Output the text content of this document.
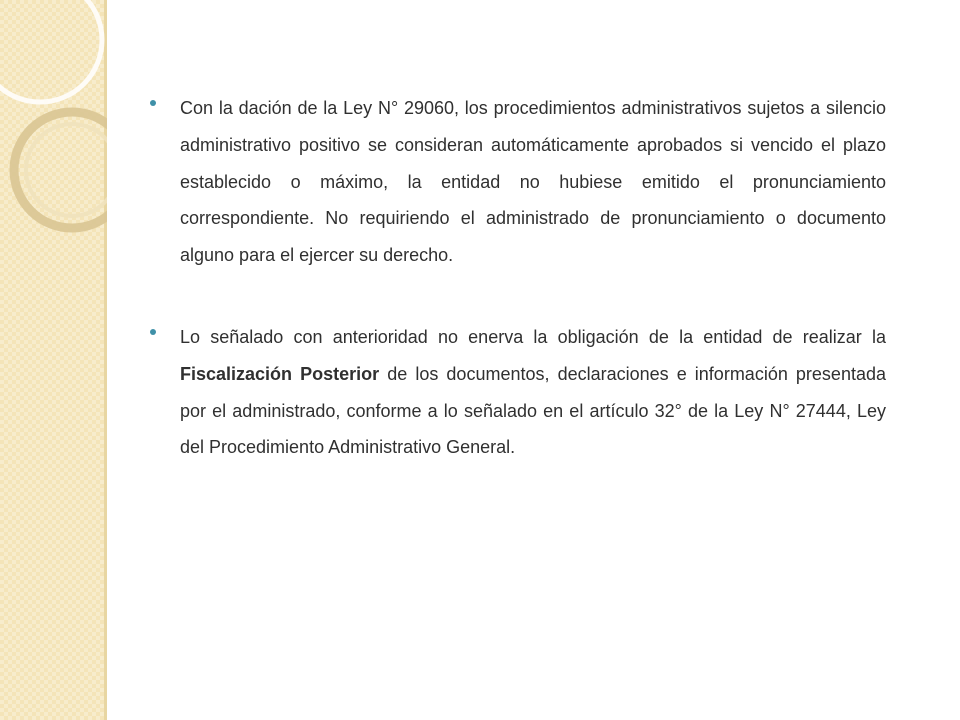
Con la dación de la Ley N° 29060, los procedimientos administrativos sujetos a silencio administrativo positivo se consideran automáticamente aprobados si vencido el plazo establecido o máximo, la entidad no hubiese emitido el pronunciamiento correspondiente. No requiriendo el administrado de pronunciamiento o documento alguno para el ejercer su derecho.

Lo señalado con anterioridad no enerva la obligación de la entidad de realizar la Fiscalización Posterior de los documentos, declaraciones e información presentada por el administrado, conforme a lo señalado en el artículo 32° de la Ley N° 27444, Ley del Procedimiento Administrativo General.
